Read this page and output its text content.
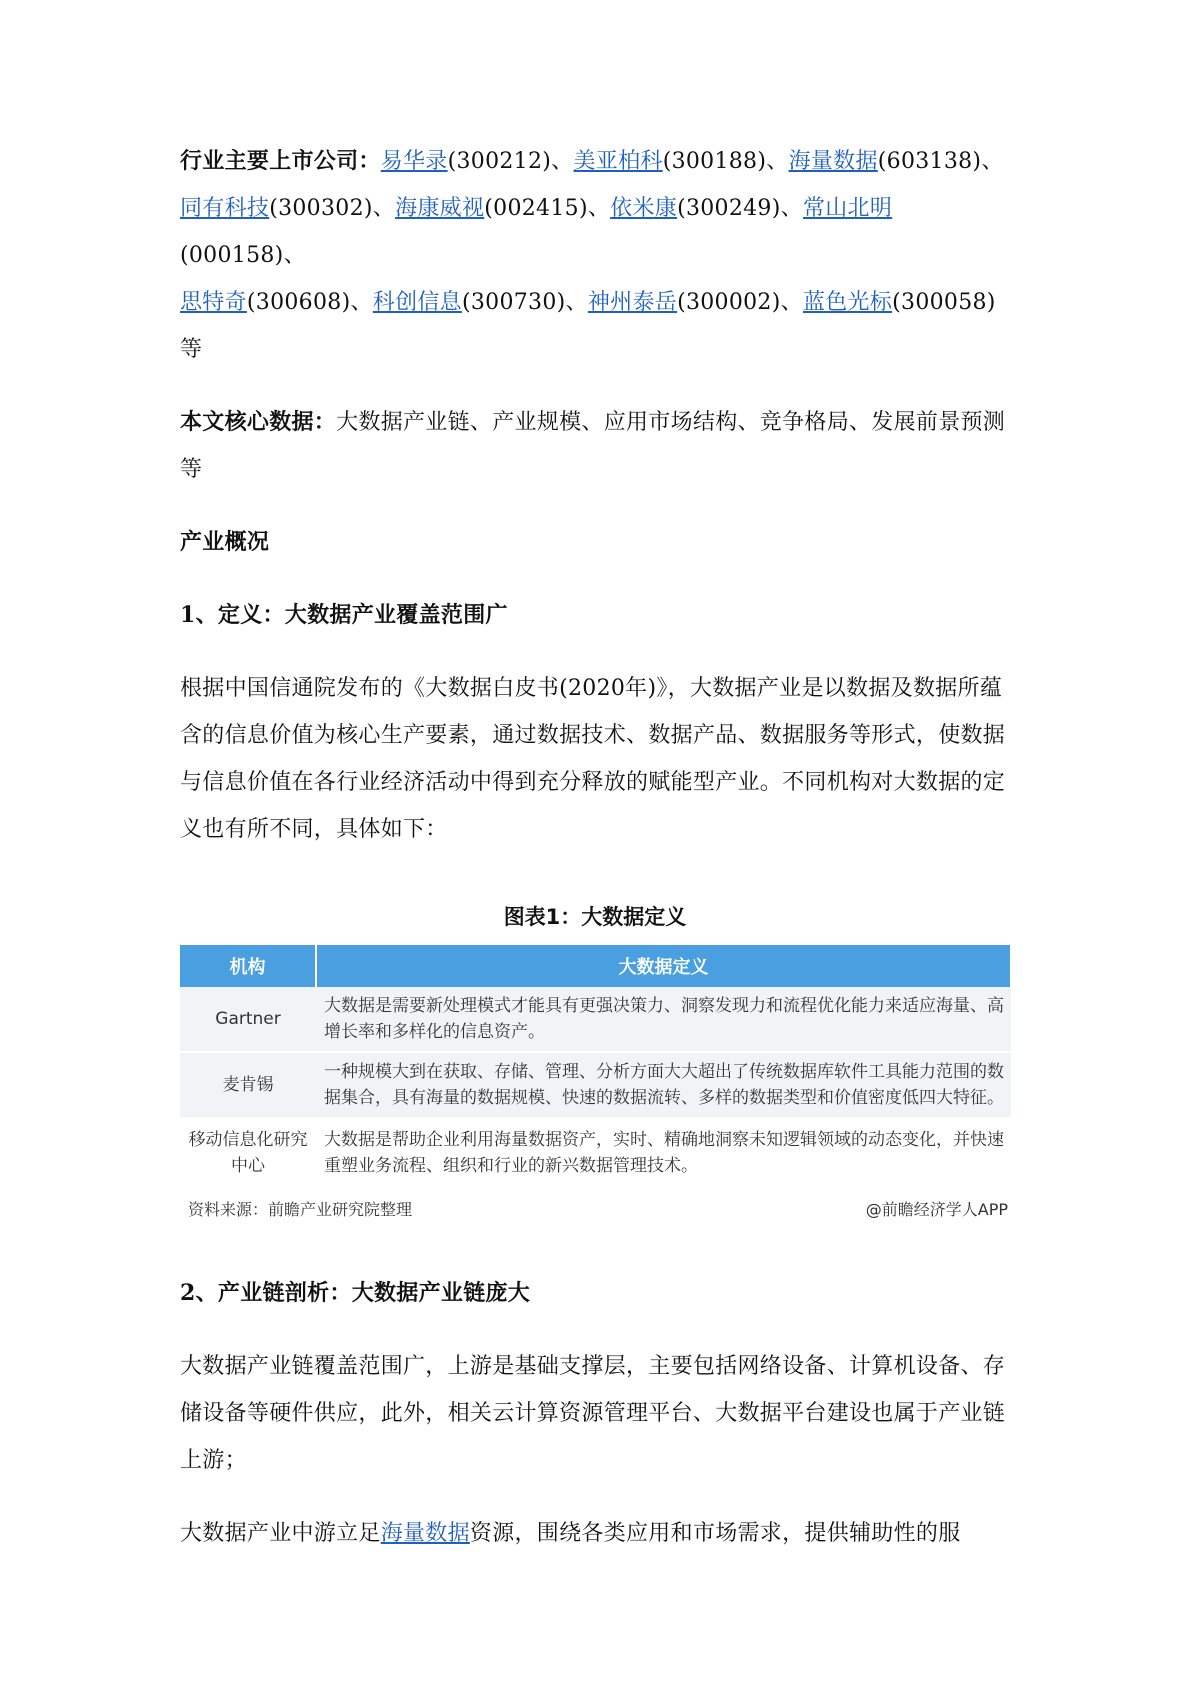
行业主要上市公司：易华录(300212)、美亚柏科(300188)、海量数据(603138)、
同有科技(300302)、海康威视(002415)、依米康(300249)、常山北明(000158)、
思特奇(300608)、科创信息(300730)、神州泰岳(300002)、蓝色光标(300058)等

本文核心数据：大数据产业链、产业规模、应用市场结构、竞争格局、发展前景预测等

产业概况

1、定义：大数据产业覆盖范围广

根据中国信通院发布的《大数据白皮书(2020年)》，大数据产业是以数据及数据所蕴含的信息价值为核心生产要素，通过数据技术、数据产品、数据服务等形式，使数据与信息价值在各行业经济活动中得到充分释放的赋能型产业。不同机构对大数据的定义也有所不同，具体如下：

图表1：大数据定义

机构	大数据定义
Gartner	大数据是需要新处理模式才能具有更强决策力、洞察发现力和流程优化能力来适应海量、高增长率和多样化的信息资产。
麦肯锡	一种规模大到在获取、存储、管理、分析方面大大超出了传统数据库软件工具能力范围的数据集合，具有海量的数据规模、快速的数据流转、多样的数据类型和价值密度低四大特征。
移动信息化研究中心	大数据是帮助企业利用海量数据资产，实时、精确地洞察未知逻辑领域的动态变化，并快速重塑业务流程、组织和行业的新兴数据管理技术。
资料来源：前瞻产业研究院整理	@前瞻经济学人APP

2、产业链剖析：大数据产业链庞大

大数据产业链覆盖范围广，上游是基础支撑层，主要包括网络设备、计算机设备、存储设备等硬件供应，此外，相关云计算资源管理平台、大数据平台建设也属于产业链上游；

大数据产业中游立足海量数据资源，围绕各类应用和市场需求，提供辅助性的服
